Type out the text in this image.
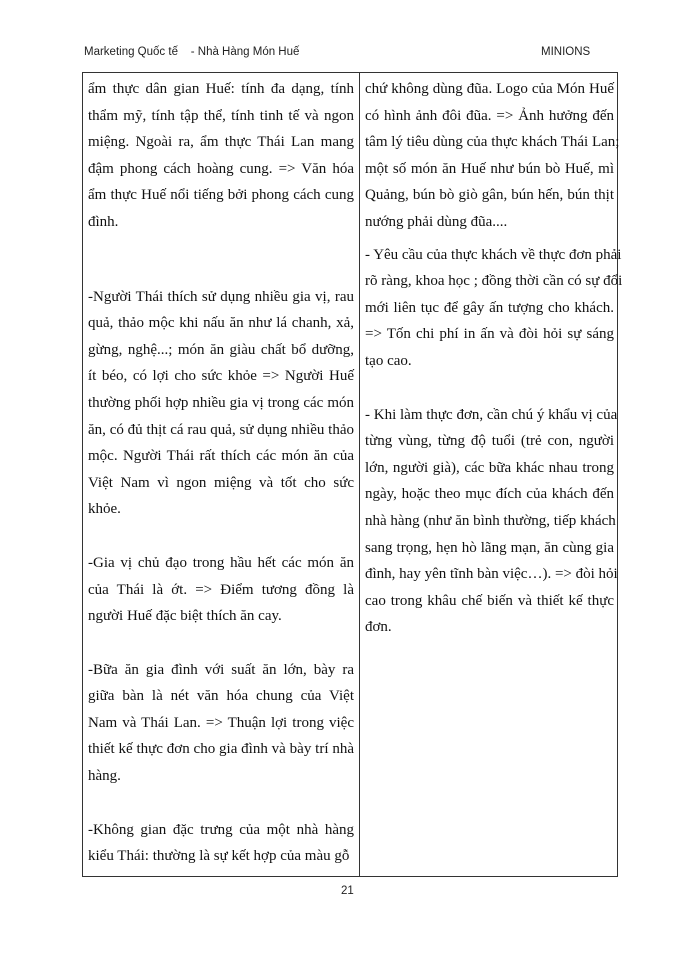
Marketing Quốc tế    - Nhà Hàng Món Huế	MINIONS
ẩm thực dân gian Huế: tính đa dạng, tính
thẩm mỹ, tính tập thể, tính tinh tế và ngon
miệng. Ngoài ra, ẩm thực Thái Lan mang
đậm phong cách hoàng cung. => Văn hóa
ẩm thực Huế nổi tiếng bởi phong cách cung
đình.
-Người Thái thích sử dụng nhiều gia vị, rau
quả, thảo mộc khi nấu ăn như lá chanh, xả,
gừng, nghệ...; món ăn giàu chất bổ dưỡng,
ít béo, có lợi cho sức khỏe => Người Huế
thường phối hợp nhiều gia vị trong các món
ăn, có đủ thịt cá rau quả, sử dụng nhiều thảo
mộc. Người Thái rất thích các món ăn của
Việt Nam vì ngon miệng và tốt cho sức
khỏe.
-Gia vị chủ đạo trong hầu hết các món ăn
của Thái là ớt. => Điểm tương đồng là
người Huế đặc biệt thích ăn cay.
-Bữa ăn gia đình với suất ăn lớn, bày ra
giữa bàn là nét văn hóa chung của Việt
Nam và Thái Lan. => Thuận lợi trong việc
thiết kế thực đơn cho gia đình và bày trí nhà
hàng.
-Không gian đặc trưng của một nhà hàng
kiểu Thái: thường là sự kết hợp của màu gỗ
chứ không dùng đũa. Logo của Món Huế
có hình ảnh đôi đũa. => Ảnh hưởng đến
tâm lý tiêu dùng của thực khách Thái Lan;
một số món ăn Huế như bún bò Huế, mì
Quảng, bún bò giò gân, bún hến, bún thịt
nướng phải dùng đũa....
- Yêu cầu của thực khách về thực đơn phải
rõ ràng, khoa học ; đồng thời cần có sự đổi
mới liên tục để gây ấn tượng cho khách.
=> Tốn chi phí in ấn và đòi hỏi sự sáng
tạo cao.
- Khi làm thực đơn, cần chú ý khẩu vị của
từng vùng, từng độ tuổi (trẻ con, người
lớn, người già), các bữa khác nhau trong
ngày, hoặc theo mục đích của khách đến
nhà hàng (như ăn bình thường, tiếp khách
sang trọng, hẹn hò lãng mạn, ăn cùng gia
đình, hay yên tĩnh bàn việc…). => đòi hỏi
cao trong khâu chế biến và thiết kế thực
đơn.
21
